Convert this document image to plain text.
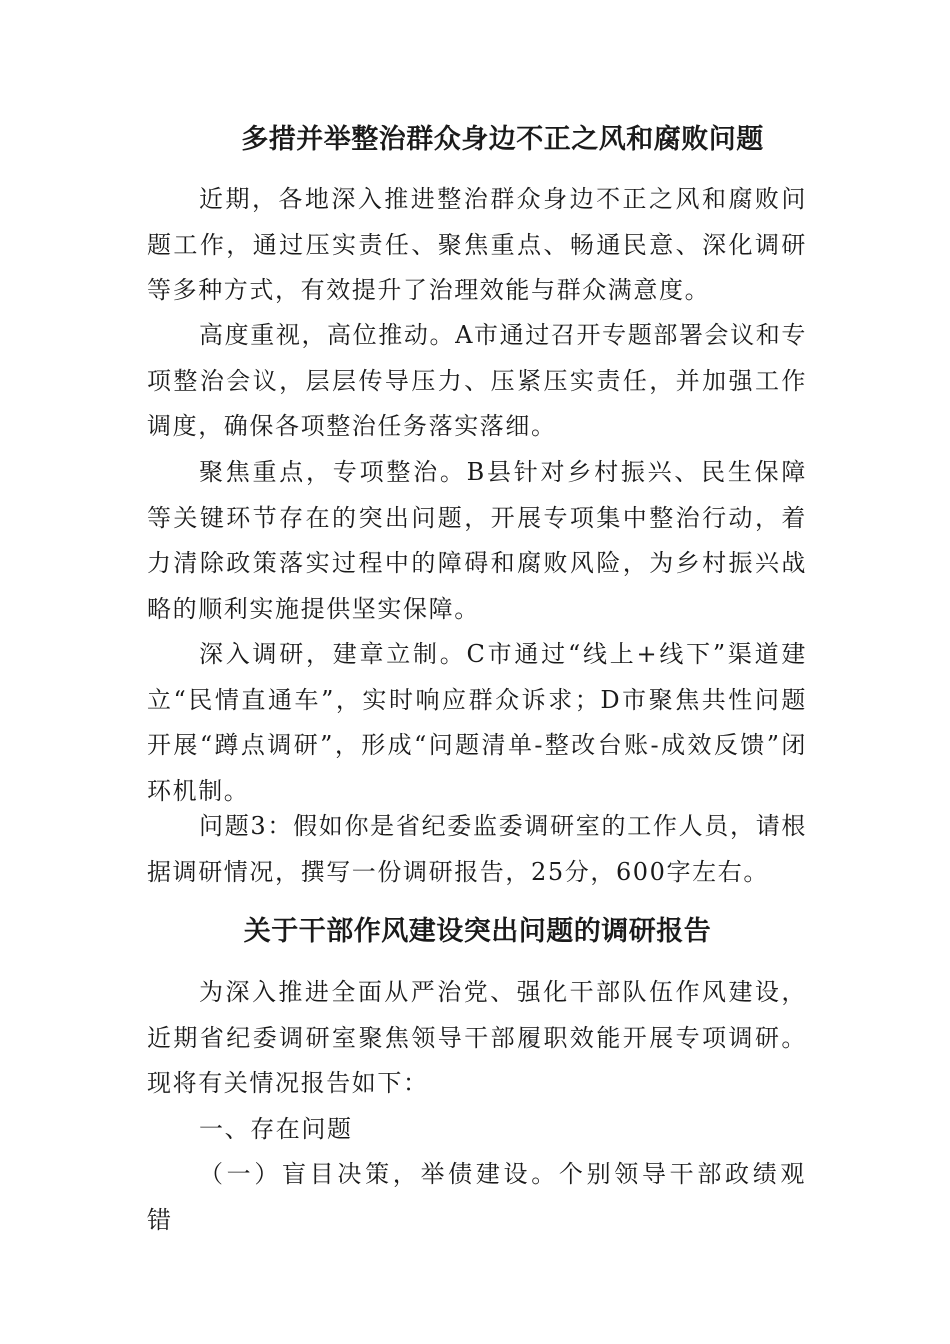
多措并举整治群众身边不正之风和腐败问题

近期，各地深入推进整治群众身边不正之风和腐败问题工作，通过压实责任、聚焦重点、畅通民意、深化调研等多种方式，有效提升了治理效能与群众满意度。

高度重视，高位推动。A市通过召开专题部署会议和专项整治会议，层层传导压力、压紧压实责任，并加强工作调度，确保各项整治任务落实落细。

聚焦重点，专项整治。B县针对乡村振兴、民生保障等关键环节存在的突出问题，开展专项集中整治行动，着力清除政策落实过程中的障碍和腐败风险，为乡村振兴战略的顺利实施提供坚实保障。

深入调研，建章立制。C市通过“线上+线下”渠道建立“民情直通车”，实时响应群众诉求；D市聚焦共性问题开展“蹲点调研”，形成“问题清单-整改台账-成效反馈”闭环机制。

问题3：假如你是省纪委监委调研室的工作人员，请根据调研情况，撰写一份调研报告，25分，600字左右。

关于干部作风建设突出问题的调研报告

为深入推进全面从严治党、强化干部队伍作风建设，近期省纪委调研室聚焦领导干部履职效能开展专项调研。现将有关情况报告如下：

一、存在问题

（一）盲目决策，举债建设。个别领导干部政绩观错
